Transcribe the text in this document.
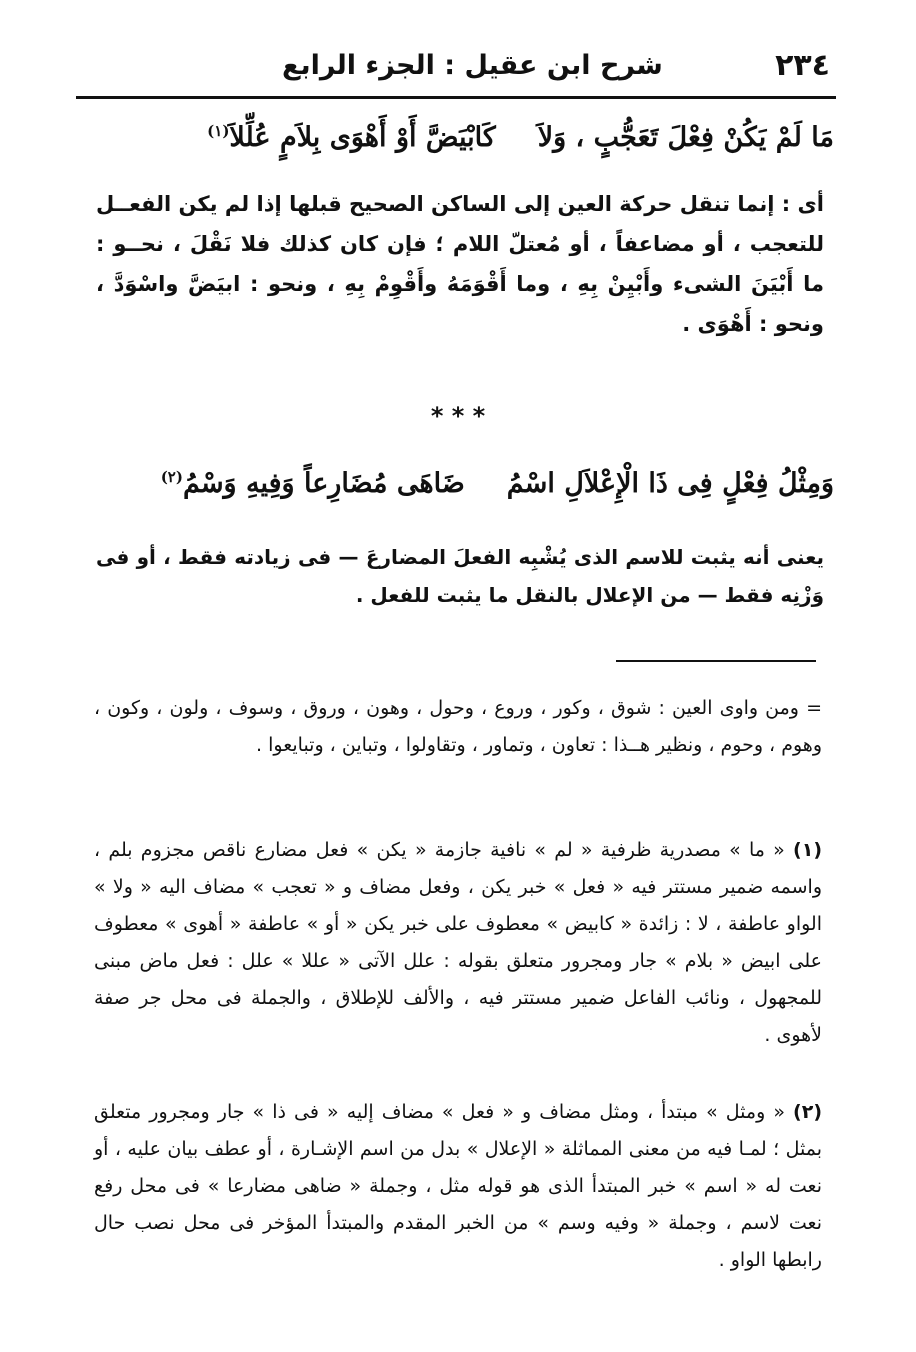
٢٣٤
شرح ابن عقيل : الجزء الرابع
مَا لَمْ يَكُنْ فِعْلَ تَعَجُّبٍ ، وَلاَكَابْيَضَّ أَوْ أَهْوَى بِلاَمٍ عُلِّلاَ$^{(١)}$
أى : إنما تنقل حركة العين إلى الساكن الصحيح قبلها إذا لم يكن الفعــل للتعجب ، أو مضاعفاً ، أو مُعتلّ اللام ؛ فإن كان كذلك فلا نَقْلَ ، نحــو : ما أَبْيَنَ الشىء وأَبْيِنْ بِهِ ، وما أَقْوَمَهُ وأَقْوِمْ بِهِ ، ونحو : ابيَضَّ واسْوَدَّ ، ونحو : أَهْوَى .
* * *
وَمِثْلُ فِعْلٍ فِى ذَا الْإِعْلاَلِ اسْمُضَاهَى مُضَارِعاً وَفِيهِ وَسْمُ$^{(٢)}$
يعنى أنه يثبت للاسم الذى يُشْبِه الفعلَ المضارعَ — فى زيادته فقط ، أو فى وَزْنِه فقط — من الإعلال بالنقل ما يثبت للفعل .
= ومن واوى العين : شوق ، وكور ، وروع ، وحول ، وهون ، وروق ، وسوف ، ولون ، وكون ، وهوم ، وحوم ، ونظير هــذا : تعاون ، وتماور ، وتقاولوا ، وتباين ، وتبايعوا .
(١) « ما » مصدرية ظرفية « لم » نافية جازمة « يكن » فعل مضارع ناقص مجزوم بلم ، واسمه ضمير مستتر فيه « فعل » خبر يكن ، وفعل مضاف و « تعجب » مضاف اليه « ولا » الواو عاطفة ، لا : زائدة « كابيض » معطوف على خبر يكن « أو » عاطفة « أهوى » معطوف على ابيض « بلام » جار ومجرور متعلق بقوله : علل الآتى « عللا » علل : فعل ماض مبنى للمجهول ، ونائب الفاعل ضمير مستتر فيه ، والألف للإطلاق ، والجملة فى محل جر صفة لأهوى .
(٢) « ومثل » مبتدأ ، ومثل مضاف و « فعل » مضاف إليه « فى ذا » جار ومجرور متعلق بمثل ؛ لمـا فيه من معنى المماثلة « الإعلال » بدل من اسم الإشـارة ، أو عطف بيان عليه ، أو نعت له « اسم » خبر المبتدأ الذى هو قوله مثل ، وجملة « ضاهى مضارعا » فى محل رفع نعت لاسم ، وجملة « وفيه وسم » من الخبر المقدم والمبتدأ المؤخر فى محل نصب حال رابطها الواو .
